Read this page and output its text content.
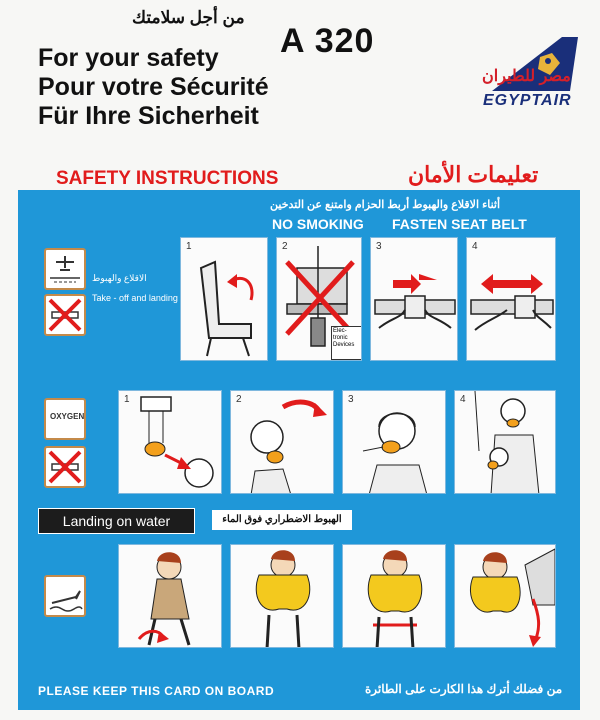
من أجل سلامتك
For your safety
Pour votre Sécurité
Für Ihre Sicherheit
A 320
مصر للطيران
EGYPTAIR
SAFETY INSTRUCTIONS	تعليمات الأمان
أثناء الاقلاع والهبوط أربط الحزام وامتنع عن التدخين
NO SMOKING FASTEN SEAT BELT
الاقلاع والهبوط
Take - off and landing
1	2
Elec-
tronic
Devices
3	4
OXYGEN
1	2	3	4
Landing on water	الهبوط الاضطراري فوق الماء
PLEASE KEEP THIS CARD ON BOARD	من فضلك أترك هذا الكارت على الطائرة
